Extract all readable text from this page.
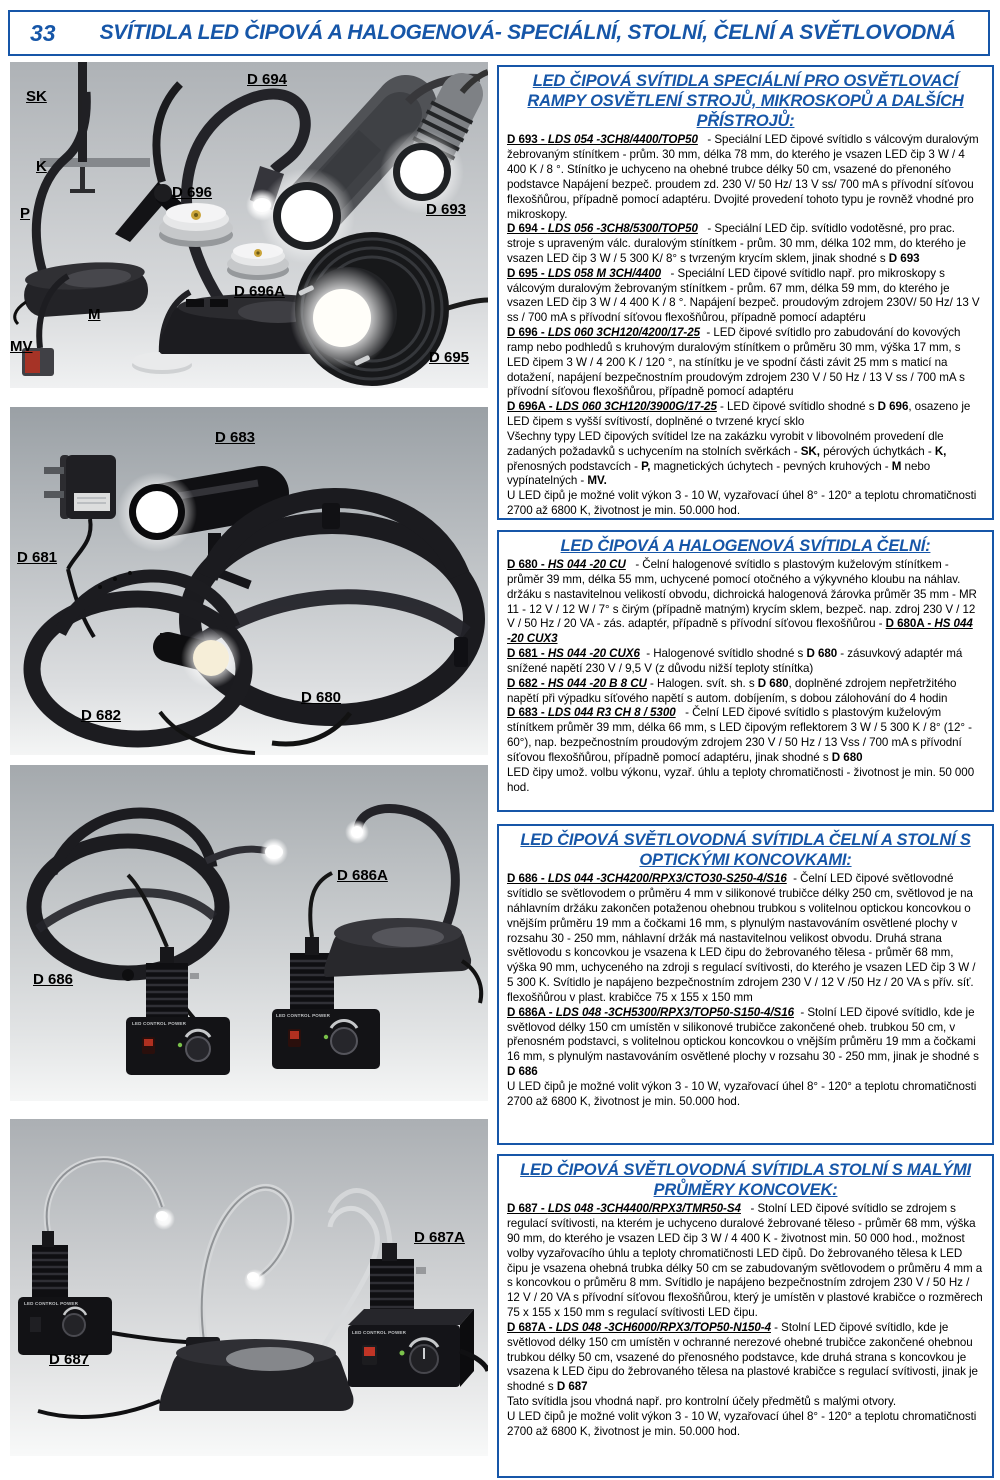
33 SVÍTIDLA LED ČIPOVÁ A HALOGENOVÁ- SPECIÁLNÍ, STOLNÍ, ČELNÍ A SVĚTLOVODNÁ
SK
K
P
M
MV
D 694
D 696
D 693
D 696A
D 695
D 683
D 681
D 682
D 680
D 686A
D 686
D 687A
D 687
LED CONTROL POWER
LED CONTROL POWER
LED CONTROL POWER
LED CONTROL POWER
LED ČIPOVÁ SVÍTIDLA SPECIÁLNÍ PRO OSVĚTLOVACÍ RAMPY OSVĚTLENÍ STROJŮ, MIKROSKOPŮ A DALŠÍCH PŘÍSTROJŮ:
D 693 - LDS 054 -3CH8/4400/TOP50   - Speciální LED čipové svítidlo s válcovým duralovým žebrovaným stínítkem - prům. 30 mm, délka 78 mm, do kterého je vsazen LED čip 3 W / 4 400 K / 8 °. Stínítko je uchyceno na ohebné trubce délky 50 cm, vsazené do přenoného podstavce Napájení bezpeč. proudem zd. 230 V/ 50 Hz/ 13 V ss/ 700 mA s přívodní síťovou flexošňůrou, případně pomocí adaptéru. Dvojité provedení tohoto typu je rovněž vhodné pro mikroskopy.
D 694 - LDS 056 -3CH8/5300/TOP50   - Speciální LED čip. svítidlo vodotěsné, pro prac. stroje s upraveným válc. duralovým stínítkem - prům. 30 mm, délka 102 mm, do kterého je vsazen LED čip 3 W / 5 300 K/ 8° s tvrzeným krycím sklem, jinak shodné s D 693
D 695 - LDS 058 M 3CH/4400   - Speciální LED čipové svítidlo např. pro mikroskopy s válcovým duralovým žebrovaným stínítkem - prům. 67 mm, délka 59 mm, do kterého je vsazen LED čip 3 W / 4 400 K / 8 °. Napájení bezpeč. proudovým zdrojem 230V/ 50 Hz/ 13 V ss / 700 mA s přívodní síťovou flexošňůrou, případně pomocí adaptéru
D 696 - LDS 060 3CH120/4200/17-25  - LED čipové svítidlo pro zabudování do kovových ramp nebo podhledů s kruhovým duralovým stínítkem o průměru 30 mm, výška 17 mm, s LED čipem 3 W / 4 200 K / 120 °, na stínítku je ve spodní části závit 25 mm s maticí na dotažení, napájení bezpečnostním proudovým zdrojem 230 V / 50 Hz / 13 V ss / 700 mA s přívodní síťovou flexošňůrou, případně pomocí adaptéru
D 696A - LDS 060 3CH120/3900G/17-25 - LED čipové svítidlo shodné s D 696, osazeno je LED čipem s vyšší svítivostí, doplněné o tvrzené krycí sklo
Všechny typy LED čipových svítidel lze na zakázku vyrobit v libovolném provedení dle zadaných požadavků s uchycením na stolních svěrkách - SK, pérových úchytkách - K, přenosných podstavcích - P, magnetických úchytech - pevných kruhových - M nebo vypínatelných - MV.
U LED čipů je možné volit výkon 3 - 10 W, vyzařovací úhel 8° - 120° a teplotu chromatičnosti 2700 až 6800 K, životnost je min. 50.000 hod.
LED ČIPOVÁ A HALOGENOVÁ SVÍTIDLA ČELNÍ:
D 680 - HS 044 -20 CU   - Čelní halogenové svítidlo s plastovým kuželovým stínítkem - průměr 39 mm, délka 55 mm, uchycené pomocí otočného a výkyvného kloubu na náhlav. držáku s nastavitelnou velikostí obvodu, dichroická halogenová žárovka průměr 35 mm - MR 11 - 12 V / 12 W / 7° s čirým (případně matným) krycím sklem, bezpeč. nap. zdroj 230 V / 12 V / 50 Hz / 20 VA - zás. adaptér, případně s přívodní síťovou flexošňůrou - D 680A - HS 044 -20 CUX3
D 681 - HS 044 -20 CUX6  - Halogenové svítidlo shodné s D 680 - zásuvkový adaptér má snížené napětí 230 V / 9,5 V (z důvodu nižší teploty stínítka)
D 682 - HS 044 -20 B 8 CU - Halogen. svít. sh. s D 680, doplněné zdrojem nepřetržitého napětí při výpadku síťového napětí s autom. dobíjením, s dobou zálohování do 4 hodin
D 683 - LDS 044 R3 CH 8 / 5300   - Čelní LED čipové svítidlo s plastovým kuželovým stínítkem průměr 39 mm, délka 66 mm, s LED čipovým reflektorem 3 W / 5 300 K / 8° (12° - 60°), nap. bezpečnostním proudovým zdrojem 230 V / 50 Hz / 13 Vss / 700 mA s přívodní síťovou flexošňůrou, případně pomocí adaptéru, jinak shodné s D 680
LED čipy umož. volbu výkonu, vyzař. úhlu a teploty chromatičnosti - životnost je min. 50 000 hod.
LED ČIPOVÁ SVĚTLOVODNÁ SVÍTIDLA ČELNÍ A STOLNÍ S OPTICKÝMI KONCOVKAMI:
D 686 - LDS 044 -3CH4200/RPX3/CTO30-S250-4/S16  - Čelní LED čipové světlovodné svítidlo se světlovodem o průměru 4 mm v silikonové trubičce délky 250 cm, světlovod je na náhlavním držáku zakončen potaženou ohebnou trubkou s volitelnou optickou koncovkou o vnějším průměru 19 mm a čočkami 16 mm, s plynulým nastavováním osvětlené plochy v rozsahu 30 - 250 mm, náhlavní držák má nastavitelnou velikost obvodu. Druhá strana světlovodu s koncovkou je vsazena k LED čipu do žebrovaného tělesa - průměr 68 mm, výška 90 mm, uchyceného na zdroji s regulací svítivosti, do kterého je vsazen LED čip 3 W / 5 300 K. Svítidlo je napájeno bezpečnostním zdrojem 230 V / 12 V /50 Hz / 20 VA s přív. síť. flexošňůrou v plast. krabičce 75 x 155 x 150 mm
D 686A - LDS 048 -3CH5300/RPX3/TOP50-S150-4/S16  - Stolní LED čipové svítidlo, kde je světlovod délky 150 cm umístěn v silikonové trubičce zakončené oheb. trubkou 50 cm, v přenosném podstavci, s volitelnou optickou koncovkou o vnějším průměru 19 mm a čočkami 16 mm, s plynulým nastavováním osvětlené plochy v rozsahu 30 - 250 mm, jinak je shodné s D 686
U LED čipů je možné volit výkon 3 - 10 W, vyzařovací úhel 8° - 120° a teplotu chromatičnosti 2700 až 6800 K, životnost je min. 50.000 hod.
LED ČIPOVÁ SVĚTLOVODNÁ SVÍTIDLA STOLNÍ S MALÝMI PRŮMĚRY KONCOVEK:
D 687 - LDS 048 -3CH4400/RPX3/TMR50-S4   - Stolní LED čipové svítidlo se zdrojem s regulací svítivosti, na kterém je uchyceno duralové žebrované těleso - průměr 68 mm, výška 90 mm, do kterého je vsazen LED čip 3 W / 4 400 K - životnost min. 50 000 hod., možnost volby vyzařovacího úhlu a teploty chromatičnosti LED čipů. Do žebrovaného tělesa k LED čipu je vsazena ohebná trubka délky 50 cm se zabudovaným světlovodem o průměru 4 mm a s koncovkou o průměru 8 mm. Svítidlo je napájeno bezpečnostním zdrojem 230 V / 50 Hz / 12 V / 20 VA s přívodní síťovou flexošňůrou, který je umístěn v plastové krabičce o rozměrech 75 x 155 x 150 mm s regulací svítivosti LED čipu.
D 687A - LDS 048 -3CH6000/RPX3/TOP50-N150-4 - Stolní LED čipové svítidlo, kde je světlovod délky 150 cm umístěn v ochranné nerezové ohebné trubičce zakončené ohebnou trubkou délky 50 cm, vsazené do přenosného podstavce, kde druhá strana s koncovkou je vsazena k LED čipu do žebrovaného tělesa na plastové krabičce s regulací svítivosti, jinak je shodné s D 687
Tato svítidla jsou vhodná např. pro kontrolní účely předmětů s malými otvory.
U LED čipů je možné volit výkon 3 - 10 W, vyzařovací úhel 8° - 120° a teplotu chromatičnosti 2700 až 6800 K, životnost je min. 50.000 hod.
